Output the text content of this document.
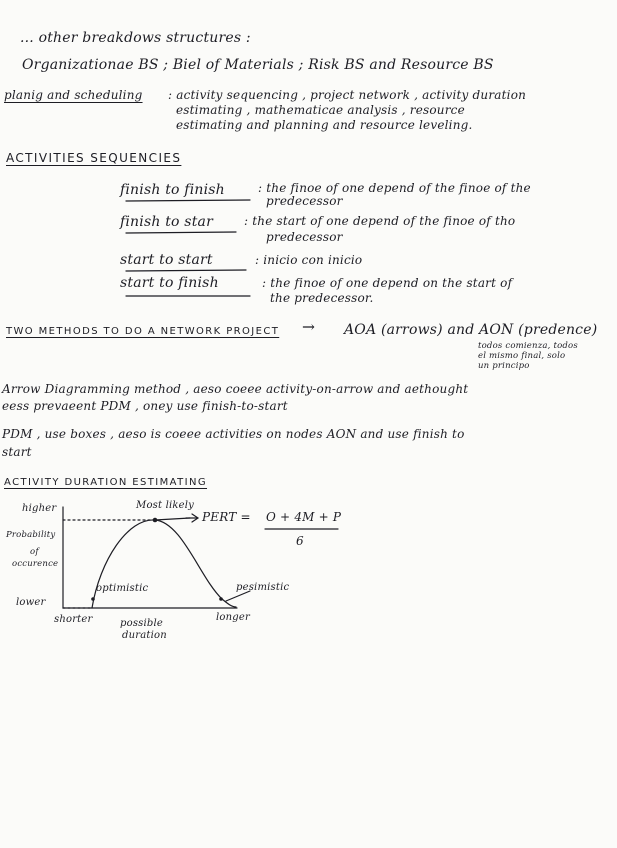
... other breakdows structures :
Organizationae BS ; Biel of Materials ; Risk BS and Resource BS
planig and scheduling : activity sequencing , project network , activity duration
estimating , mathematicae analysis , resource
estimating and planning and resource leveling.
ACTIVITIES SEQUENCIES
finish to finish	: the finoe of one depend of the finoe of the
predecessor
finish to star	: the start of one depend of the finoe of tho
predecessor
start to start	: inicio con inicio
start to finish	: the finoe of one depend on the start of
the predecessor.
TWO METHODS TO DO A NETWORK PROJECT → AOA (arrows) and AON (predence)
todos comienza, todos
el mismo final, solo
un principo
Arrow Diagramming method , aeso coeee activity-on-arrow and aethought
eess prevaeent PDM , oney use finish-to-start
PDM , use boxes , aeso is coeee activities on nodes AON and use finish to
start
ACTIVITY DURATION ESTIMATING
higher
Probability
of
occurence
lower
Most likely
optimistic	pesimistic
shorter	possible
duration
longer
PERT = O + 4M + P
6
